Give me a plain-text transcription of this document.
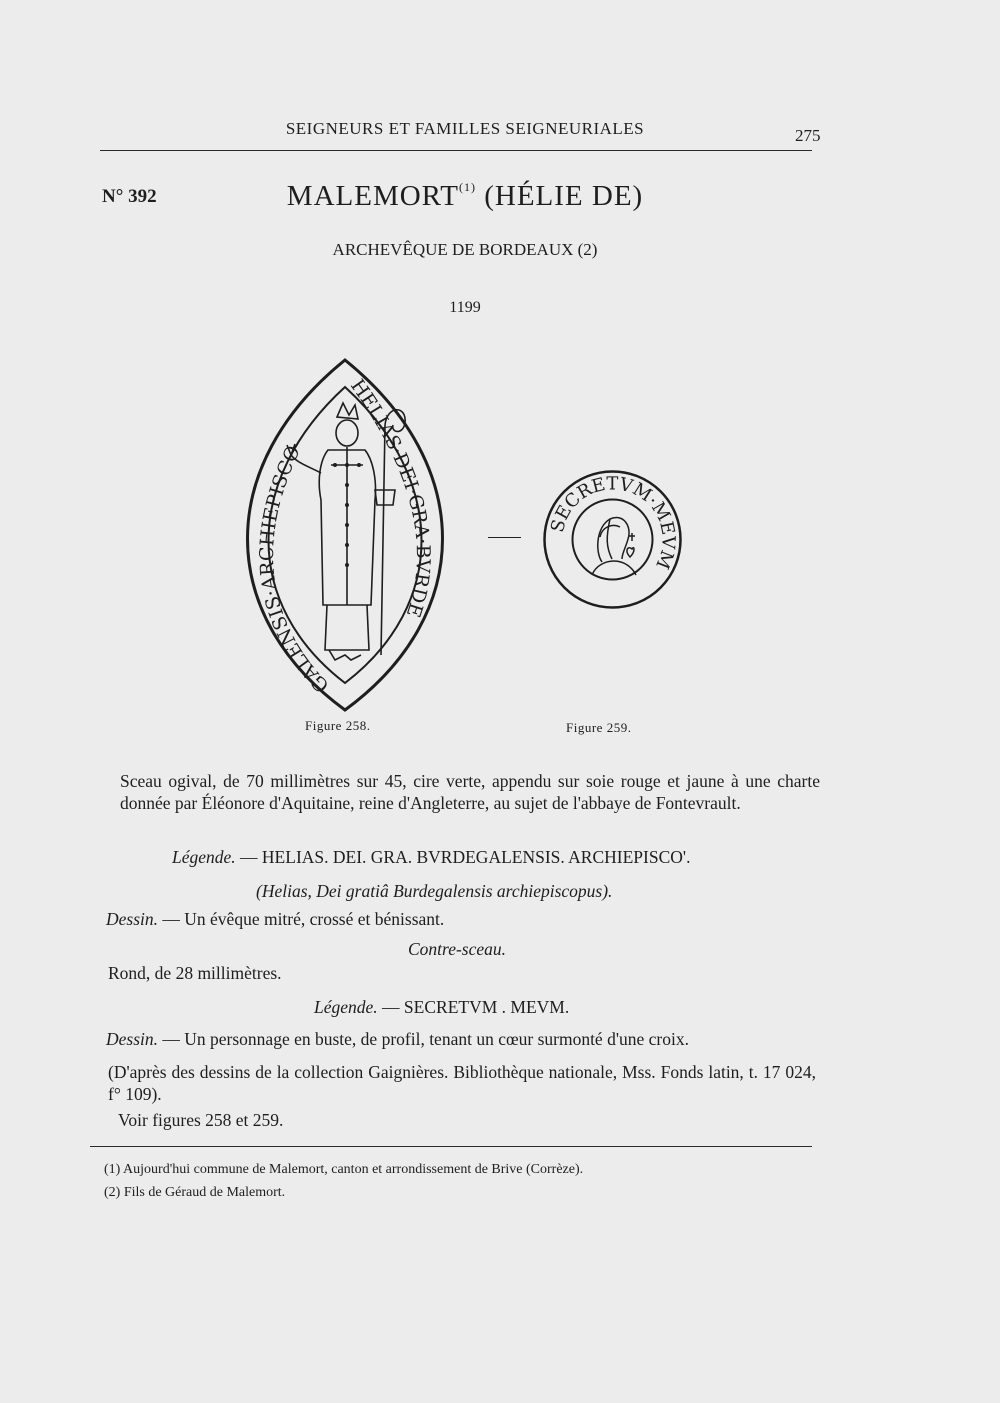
SEIGNEURS ET FAMILLES SEIGNEURIALES	275
N° 392	MALEMORT$^{(1)}$ (HÉLIE DE)
ARCHEVÊQUE DE BORDEAUX (2)
1199
GALENSIS·ARCHIEPISCO
HELIAS·DEI·GRA·BVRDE
Figure 258.
SECRETVM·MEVM
Figure 259.
Sceau ogival, de 70 millimètres sur 45, cire verte, appendu sur soie rouge et jaune à une charte donnée par Éléonore d'Aquitaine, reine d'Angleterre, au sujet de l'abbaye de Fontevrault.
Légende. — HELIAS. DEI. GRA. BVRDEGALENSIS. ARCHIEPISCO'.
(Helias, Dei gratiâ Burdegalensis archiepiscopus).
Dessin. — Un évêque mitré, crossé et bénissant.
Contre-sceau.
Rond, de 28 millimètres.
Légende. — SECRETVM . MEVM.
Dessin. — Un personnage en buste, de profil, tenant un cœur surmonté d'une croix.
(D'après des dessins de la collection Gaignières. Bibliothèque nationale, Mss. Fonds latin, t. 17 024, f° 109).
Voir figures 258 et 259.
(1) Aujourd'hui commune de Malemort, canton et arrondissement de Brive (Corrèze).
(2) Fils de Géraud de Malemort.
